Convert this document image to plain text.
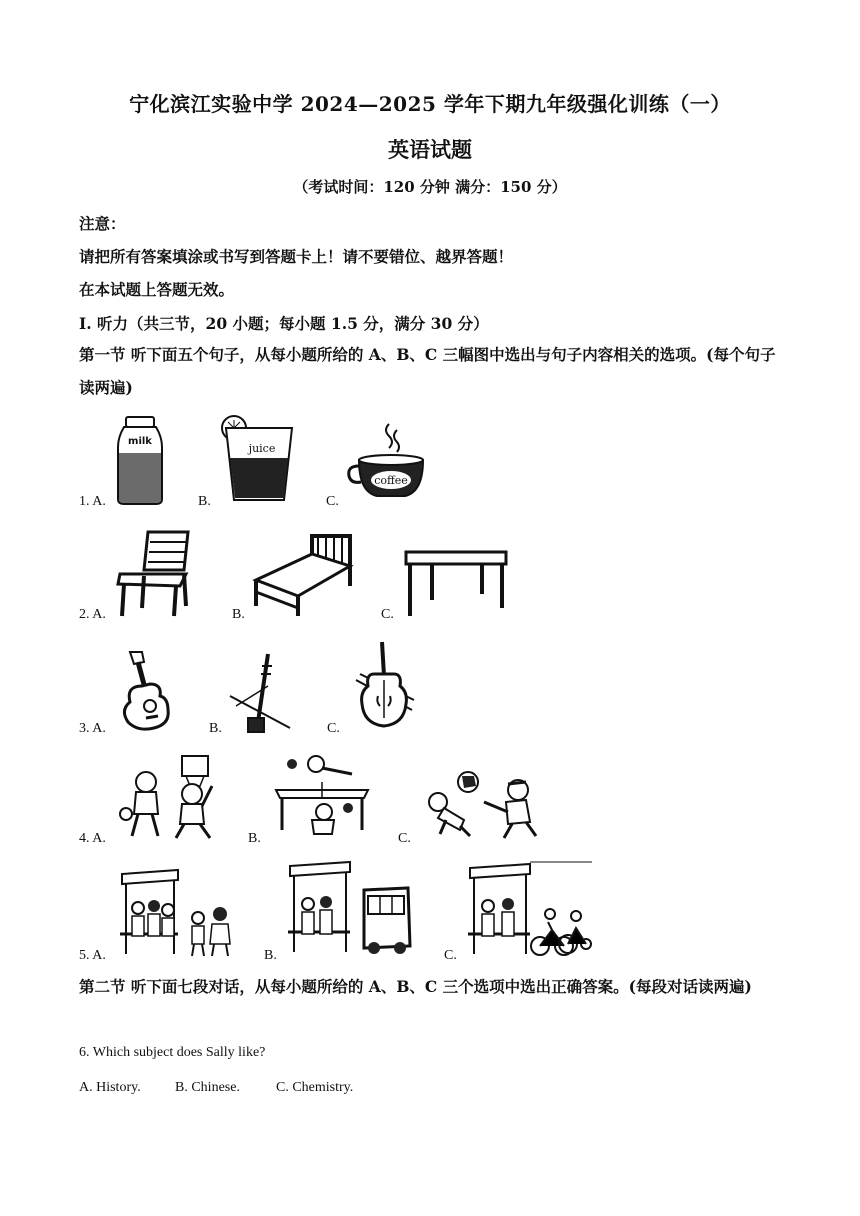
宁化滨江实验中学 2024—2025 学年下期九年级强化训练（一）
英语试题
（考试时间：120 分钟 满分：150 分）
注意：
请把所有答案填涂或书写到答题卡上！请不要错位、越界答题！
在本试题上答题无效。
Ⅰ. 听力（共三节，20 小题；每小题 1.5 分，满分 30 分）
第一节 听下面五个句子，从每小题所给的 A、B、C 三幅图中选出与句子内容相关的选项。(每个句子读两遍)
1. A.
milk
B.
juice
C.
coffee
2. A.	B.	C.
3. A.	B.	C.
4. A.	B.	C.
5. A.	B.	C.
第二节 听下面七段对话，从每小题所给的 A、B、C 三个选项中选出正确答案。(每段对话读两遍)
6. Which subject does Sally like?
A. History. B. Chinese.	C. Chemistry.
